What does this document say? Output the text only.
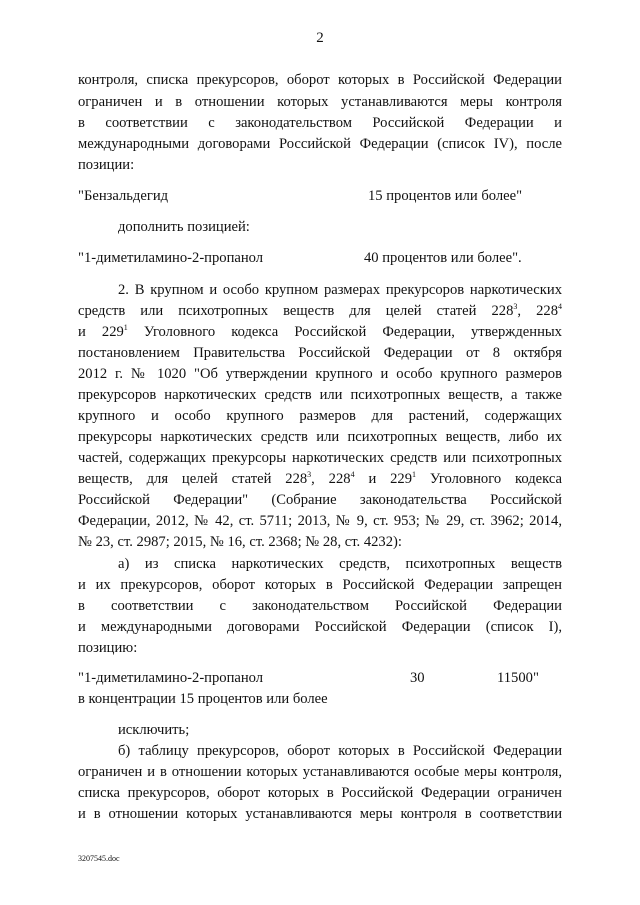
2
контроля, списка прекурсоров, оборот которых в Российской Федерации
ограничен и в отношении которых устанавливаются меры контроля
в соответствии с законодательством Российской Федерации и
международными договорами Российской Федерации (список IV), после
позиции:
"Бензальдегид	15 процентов или более"
дополнить позицией:
"1-диметиламино-2-пропанол	40 процентов или более".
2. В крупном и особо крупном размерах прекурсоров наркотических
средств или психотропных веществ для целей статей $228^3$, $228^4$
и $229^1$ Уголовного кодекса Российской Федерации, утвержденных
постановлением Правительства Российской Федерации от 8 октября
2012 г. № 1020 "Об утверждении крупного и особо крупного размеров
прекурсоров наркотических средств или психотропных веществ, а также
крупного и особо крупного размеров для растений, содержащих
прекурсоры наркотических средств или психотропных веществ, либо их
частей, содержащих прекурсоры наркотических средств или психотропных
веществ, для целей статей $228^3$, $228^4$ и $229^1$ Уголовного кодекса
Российской Федерации" (Собрание законодательства Российской
Федерации, 2012, № 42, ст. 5711; 2013, № 9, ст. 953; № 29, ст. 3962; 2014,
№ 23, ст. 2987; 2015, № 16, ст. 2368; № 28, ст. 4232):
а) из списка наркотических средств, психотропных веществ
и их прекурсоров, оборот которых в Российской Федерации запрещен
в соответствии с законодательством Российской Федерации
и международными договорами Российской Федерации (список I),
позицию:
"1-диметиламино-2-пропанол	30	11500"
в концентрации 15 процентов или более
исключить;
б) таблицу прекурсоров, оборот которых в Российской Федерации
ограничен и в отношении которых устанавливаются особые меры контроля,
списка прекурсоров, оборот которых в Российской Федерации ограничен
и в отношении которых устанавливаются меры контроля в соответствии
3207545.doc
